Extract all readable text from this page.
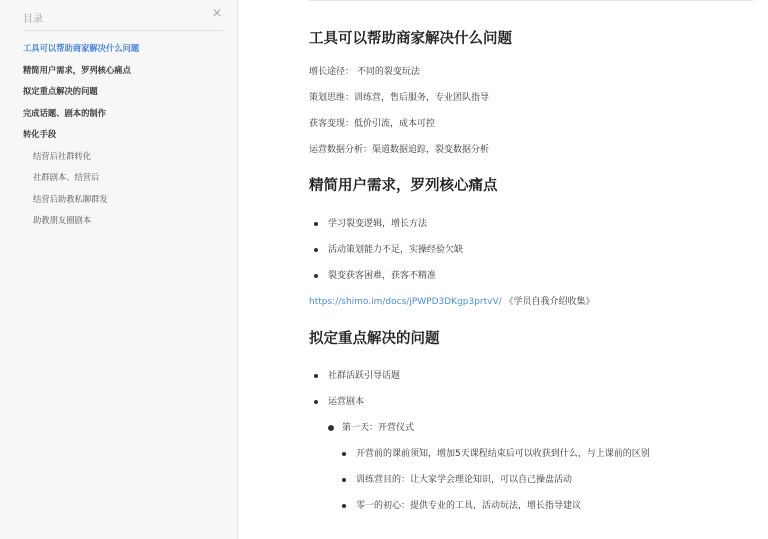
目录	×
工具可以帮助商家解决什么问题
精简用户需求，罗列核心痛点
拟定重点解决的问题
完成话题、剧本的制作
转化手段
结营后社群转化
社群剧本、结营后
结营后助教私聊群发
助教朋友圈剧本
工具可以帮助商家解决什么问题
增长途径： 不同的裂变玩法
策划思维：训练营，售后服务，专业团队指导
获客变现：低价引流，成本可控
运营数据分析：渠道数据追踪，裂变数据分析
精简用户需求，罗列核心痛点
学习裂变逻辑，增长方法
活动策划能力不足，实操经验欠缺
裂变获客困难，获客不精准
https://shimo.im/docs/jPWPD3DKgp3prtvV/ 《学员自我介绍收集》
拟定重点解决的问题
社群活跃引导话题
运营剧本
第一天：开营仪式
开营前的课前须知，增加5天课程结束后可以收获到什么，与上课前的区别
训练营目的：让大家学会理论知识，可以自己操盘活动
零一的初心：提供专业的工具，活动玩法，增长指导建议
